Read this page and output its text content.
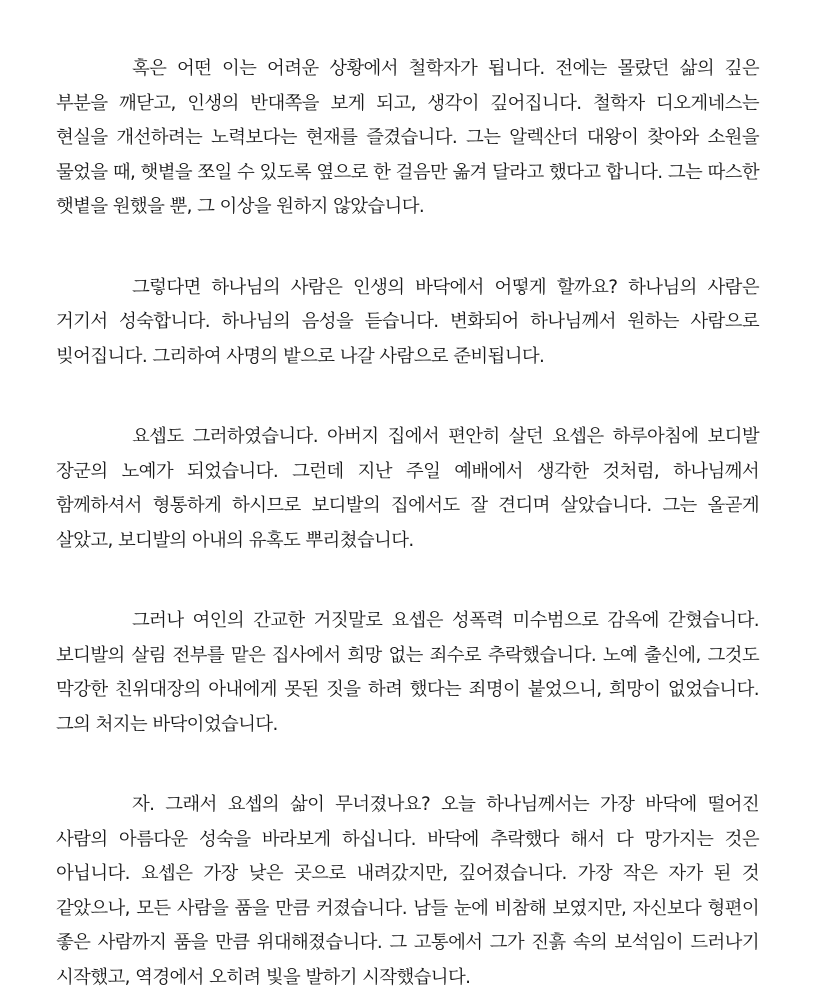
혹은 어떤 이는 어려운 상황에서 철학자가 됩니다. 전에는 몰랐던 삶의 깊은 부분을 깨닫고, 인생의 반대쪽을 보게 되고, 생각이 깊어집니다. 철학자 디오게네스는 현실을 개선하려는 노력보다는 현재를 즐겼습니다. 그는 알렉산더 대왕이 찾아와 소원을 물었을 때, 햇볕을 쪼일 수 있도록 옆으로 한 걸음만 옮겨 달라고 했다고 합니다. 그는 따스한 햇볕을 원했을 뿐, 그 이상을 원하지 않았습니다.

그렇다면 하나님의 사람은 인생의 바닥에서 어떻게 할까요? 하나님의 사람은 거기서 성숙합니다. 하나님의 음성을 듣습니다. 변화되어 하나님께서 원하는 사람으로 빚어집니다. 그리하여 사명의 밭으로 나갈 사람으로 준비됩니다.

요셉도 그러하였습니다. 아버지 집에서 편안히 살던 요셉은 하루아침에 보디발 장군의 노예가 되었습니다. 그런데 지난 주일 예배에서 생각한 것처럼, 하나님께서 함께하셔서 형통하게 하시므로 보디발의 집에서도 잘 견디며 살았습니다. 그는 올곧게 살았고, 보디발의 아내의 유혹도 뿌리쳤습니다.

그러나 여인의 간교한 거짓말로 요셉은 성폭력 미수범으로 감옥에 갇혔습니다. 보디발의 살림 전부를 맡은 집사에서 희망 없는 죄수로 추락했습니다. 노예 출신에, 그것도 막강한 친위대장의 아내에게 못된 짓을 하려 했다는 죄명이 붙었으니, 희망이 없었습니다. 그의 처지는 바닥이었습니다.

자. 그래서 요셉의 삶이 무너졌나요? 오늘 하나님께서는 가장 바닥에 떨어진 사람의 아름다운 성숙을 바라보게 하십니다. 바닥에 추락했다 해서 다 망가지는 것은 아닙니다. 요셉은 가장 낮은 곳으로 내려갔지만, 깊어졌습니다. 가장 작은 자가 된 것 같았으나, 모든 사람을 품을 만큼 커졌습니다. 남들 눈에 비참해 보였지만, 자신보다 형편이 좋은 사람까지 품을 만큼 위대해졌습니다. 그 고통에서 그가 진흙 속의 보석임이 드러나기 시작했고, 역경에서 오히려 빛을 발하기 시작했습니다.
